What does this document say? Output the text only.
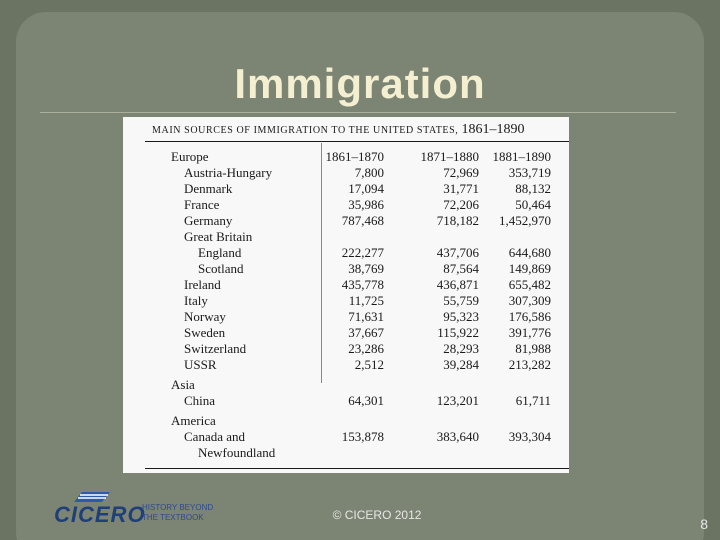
Immigration
MAIN SOURCES OF IMMIGRATION TO THE UNITED STATES, 1861–1890
Europe	1861–1870	1871–1880	1881–1890
Austria-Hungary	7,800	72,969	353,719
Denmark	17,094	31,771	88,132
France	35,986	72,206	50,464
Germany	787,468	718,182	1,452,970
Great Britain
England	222,277	437,706	644,680
Scotland	38,769	87,564	149,869
Ireland	435,778	436,871	655,482
Italy	11,725	55,759	307,309
Norway	71,631	95,323	176,586
Sweden	37,667	115,922	391,776
Switzerland	23,286	28,293	81,988
USSR	2,512	39,284	213,282
Asia
China	64,301	123,201	61,711
America
Canada and	153,878	383,640	393,304
Newfoundland
CICERO
HISTORY BEYOND
THE TEXTBOOK	© CICERO 2012
8
